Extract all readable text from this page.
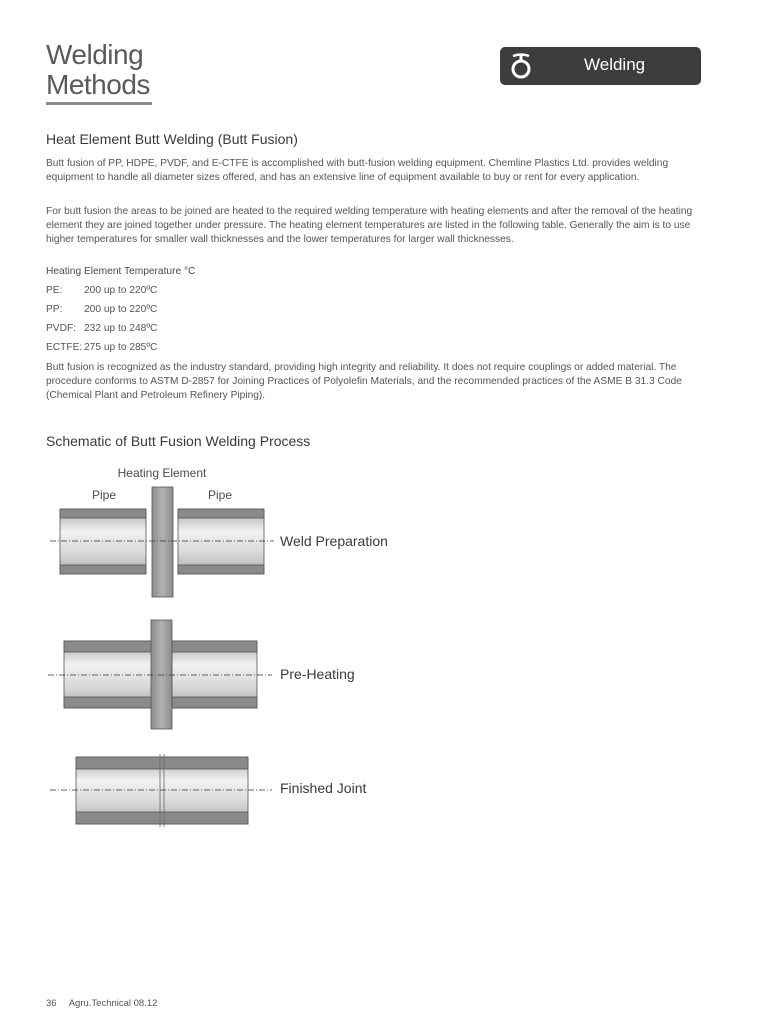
Welding
Methods
Welding
Heat Element Butt Welding (Butt Fusion)

Butt fusion of PP, HDPE, PVDF, and E-CTFE is accomplished with butt-fusion welding equipment. Chemline Plastics Ltd. provides welding equipment to handle all diameter sizes offered, and has an extensive line of equipment available to buy or rent for every application.

For butt fusion the areas to be joined are heated to the required welding temperature with heating elements and after the removal of the heating element they are joined together under pressure. The heating element temperatures are listed in the following table. Generally the aim is to use higher temperatures for smaller wall thicknesses and the lower temperatures for larger wall thicknesses.

Heating Element Temperature °C
PE: 200 up to 220ºC
PP: 200 up to 220ºC
PVDF: 232 up to 248ºC
ECTFE: 275 up to 285ºC

Butt fusion is recognized as the industry standard, providing high integrity and reliability. It does not require couplings or added material. The procedure conforms to ASTM D-2857 for Joining Practices of Polyolefin Materials, and the recommended practices of the ASME B 31.3 Code (Chemical Plant and Petroleum Refinery Piping).

Schematic of Butt Fusion Welding Process
Heating Element
Pipe	Pipe
Weld Preparation
Pre-Heating
Finished Joint
36 Agru.Technical 08.12
